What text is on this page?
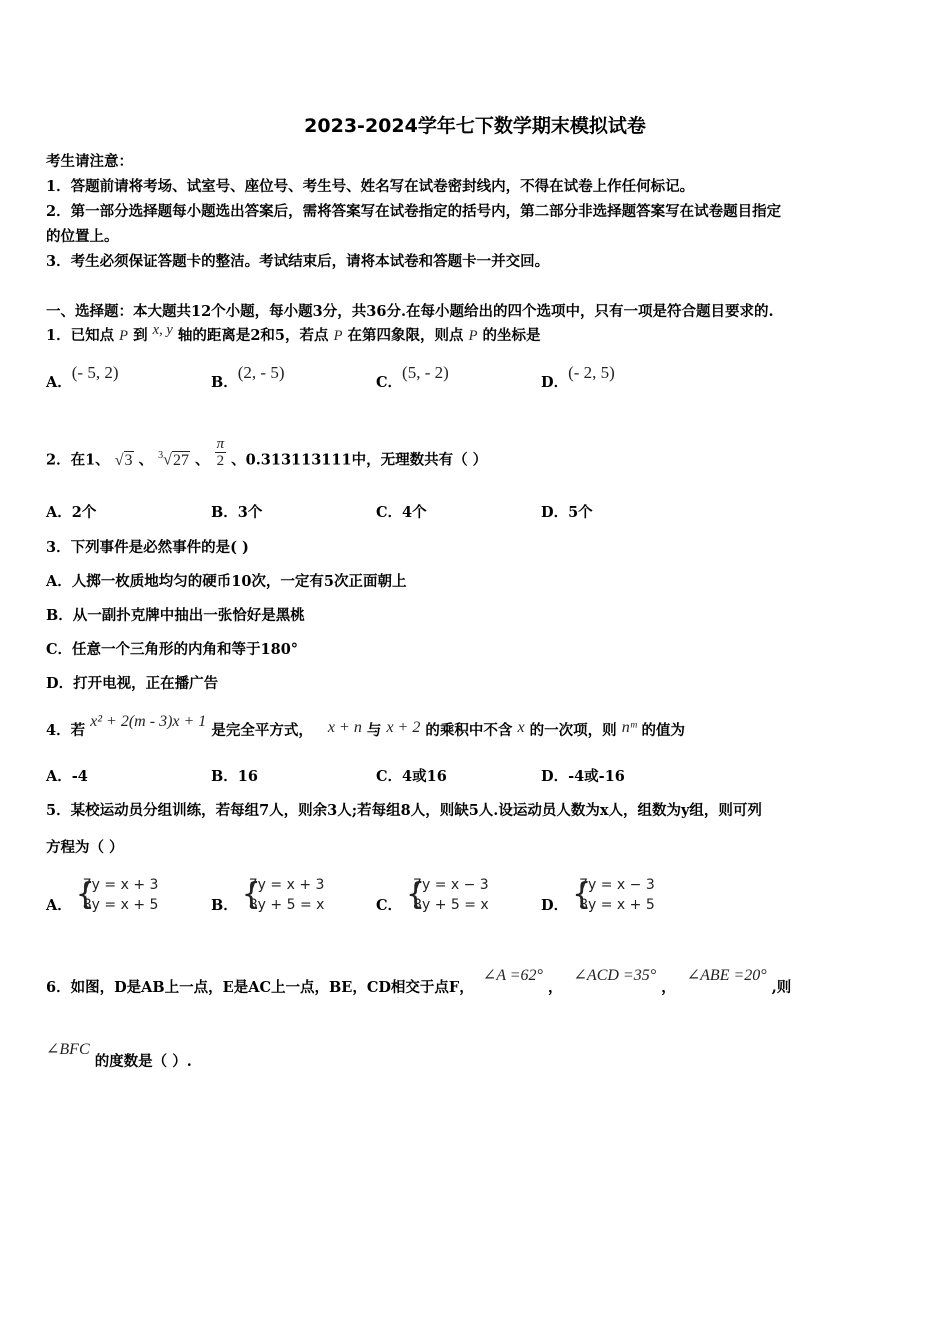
2023-2024学年七下数学期末模拟试卷
考生请注意：
1．答题前请将考场、试室号、座位号、考生号、姓名写在试卷密封线内，不得在试卷上作任何标记。
2．第一部分选择题每小题选出答案后，需将答案写在试卷指定的括号内，第二部分非选择题答案写在试卷题目指定
的位置上。
3．考生必须保证答题卡的整洁。考试结束后，请将本试卷和答题卡一并交回。
一、选择题：本大题共12个小题，每小题3分，共36分.在每小题给出的四个选项中，只有一项是符合题目要求的.
1．已知点 P 到 x, y 轴的距离是2和5，若点 P 在第四象限，则点 P 的坐标是
A．(- 5, 2)
B．(2, - 5)
C．(5, - 2)
D．(- 2, 5)
2．在1、 √3 、 $^3$√27 、 $\frac{\pi}{2}$ 、0.313113111中，无理数共有（ ）
A．2个	B．3个	C．4个	D．5个
3．下列事件是必然事件的是( )
A．人掷一枚质地均匀的硬币10次，一定有5次正面朝上
B．从一副扑克牌中抽出一张恰好是黑桃
C．任意一个三角形的内角和等于180°
D．打开电视，正在播广告
4．若 x² + 2(m - 3)x + 1 是完全平方式， x + n 与 x + 2 的乘积中不含 x 的一次项，则 nᵐ 的值为
A．-4	B．16	C．4或16	D．-4或-16
5．某校运动员分组训练，若每组7人，则余3人;若每组8人，则缺5人.设运动员人数为x人，组数为y组，则可列
方程为（ ）
A． {
7y = x + 3
8y = x + 5	B． {
7y = x + 3
8y + 5 = x	C． {
7y = x − 3
8y + 5 = x	D． {
7y = x − 3
8y = x + 5
6．如图，D是AB上一点，E是AC上一点，BE，CD相交于点F， ∠A =62° ， ∠ACD =35° ， ∠ABE =20° ,则
∠BFC 的度数是（ ）.
